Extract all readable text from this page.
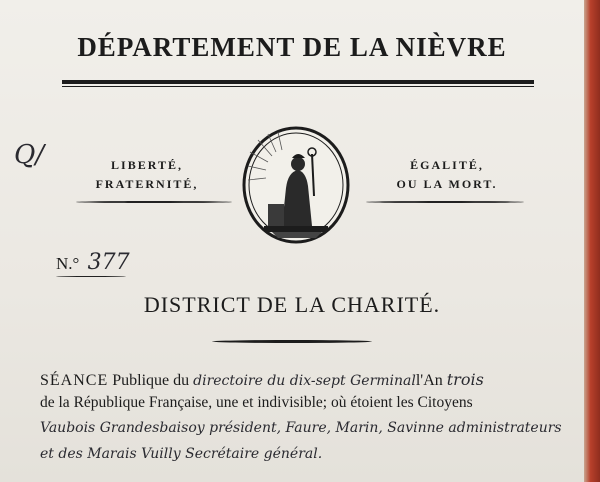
Q/
DÉPARTEMENT DE LA NIÈVRE
LIBERTÉ,
FRATERNITÉ,
ÉGALITÉ,
OU LA MORT.
N.° 377
DISTRICT DE LA CHARITÉ.
SÉANCE Publique du directoire du dix-sept Germinall'An trois
de la République Française, une et indivisible; où étoient les Citoyens
Vaubois Grandesbaisoy président, Faure, Marin, Savinne administrateurs
et des Marais Vuilly Secrétaire général.
